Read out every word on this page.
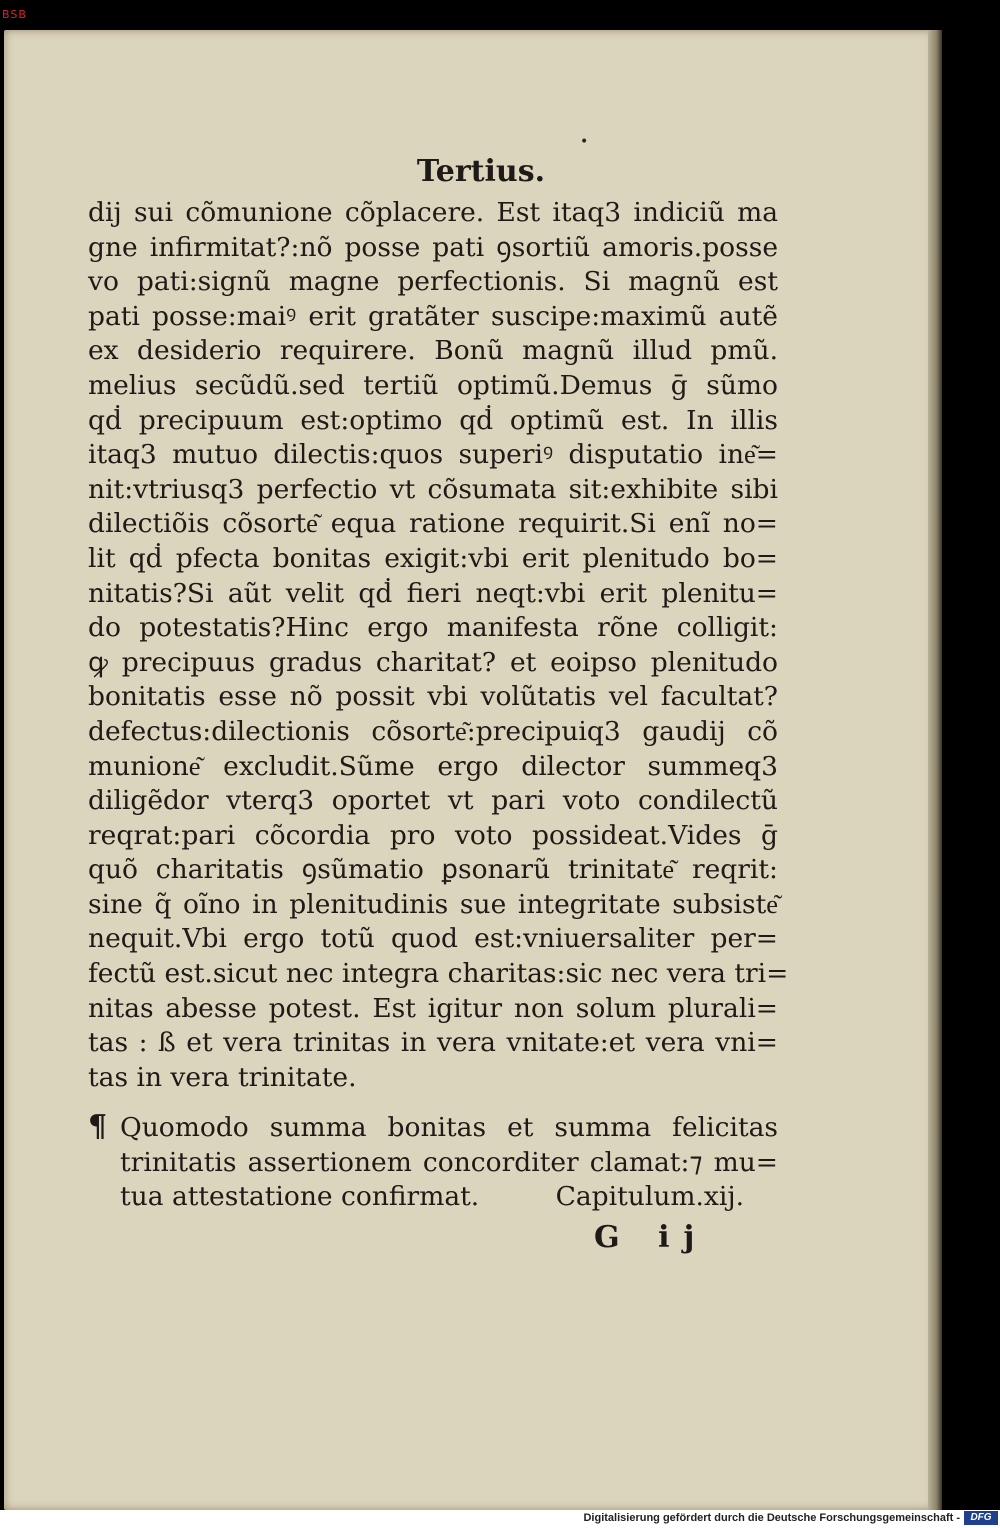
BSB
•
Tertius.
dij sui cõmunione cõplacere. Est itaq3 indiciũ ma
gne infirmitat?:nõ posse pati ꝯsortiũ amoris.posse
vo pati:signũ magne perfectionis. Si magnũ est
pati posse:maiꝰ erit gratãter suscipe:maximũ autẽ
ex desiderio requirere. Bonũ magnũ illud pmũ.
melius secũdũ.sed tertiũ optimũ.Demus ḡ sũmo
qḋ precipuum est:optimo qḋ optimũ est. In illis
itaq3 mutuo dilectis:quos superiꝰ disputatio ine͂=
nit:vtriusq3 perfectio vt cõsumata sit:exhibite sibi
dilectiõis cõsorte͂ equa ratione requirit.Si enĩ no=
lit qḋ pfecta bonitas exigit:vbi erit plenitudo bo=
nitatis?Si aũt velit qḋ fieri neqt:vbi erit plenitu=
do potestatis?Hinc ergo manifesta rõne colligit:
ꝙ precipuus gradus charitat? et eoipso plenitudo
bonitatis esse nõ possit vbi volũtatis vel facultat?
defectus:dilectionis cõsorte͂:precipuiq3 gaudij cõ
munione͂ excludit.Sũme ergo dilector summeq3
diligẽdor vterq3 oportet vt pari voto condilectũ
reqrat:pari cõcordia pro voto possideat.Vides ḡ
quõ charitatis ꝯsũmatio ꝑsonarũ trinitate͂ reqrit:
sine q̃ oĩno in plenitudinis sue integritate subsiste͂
nequit.Vbi ergo totũ quod est:vniuersaliter per=
fectũ est.sicut nec integra charitas:sic nec vera tri=
nitas abesse potest. Est igitur non solum plurali=
tas : ß et vera trinitas in vera vnitate:et vera vni=
tas in vera trinitate.
¶ Quomodo summa bonitas et summa felicitas
trinitatis assertionem concorditer clamat:⁊ mu=
tua attestatione confirmat.	Capitulum.xij.
G ij
Digitalisierung gefördert durch die Deutsche Forschungsgemeinschaft -	DFG
